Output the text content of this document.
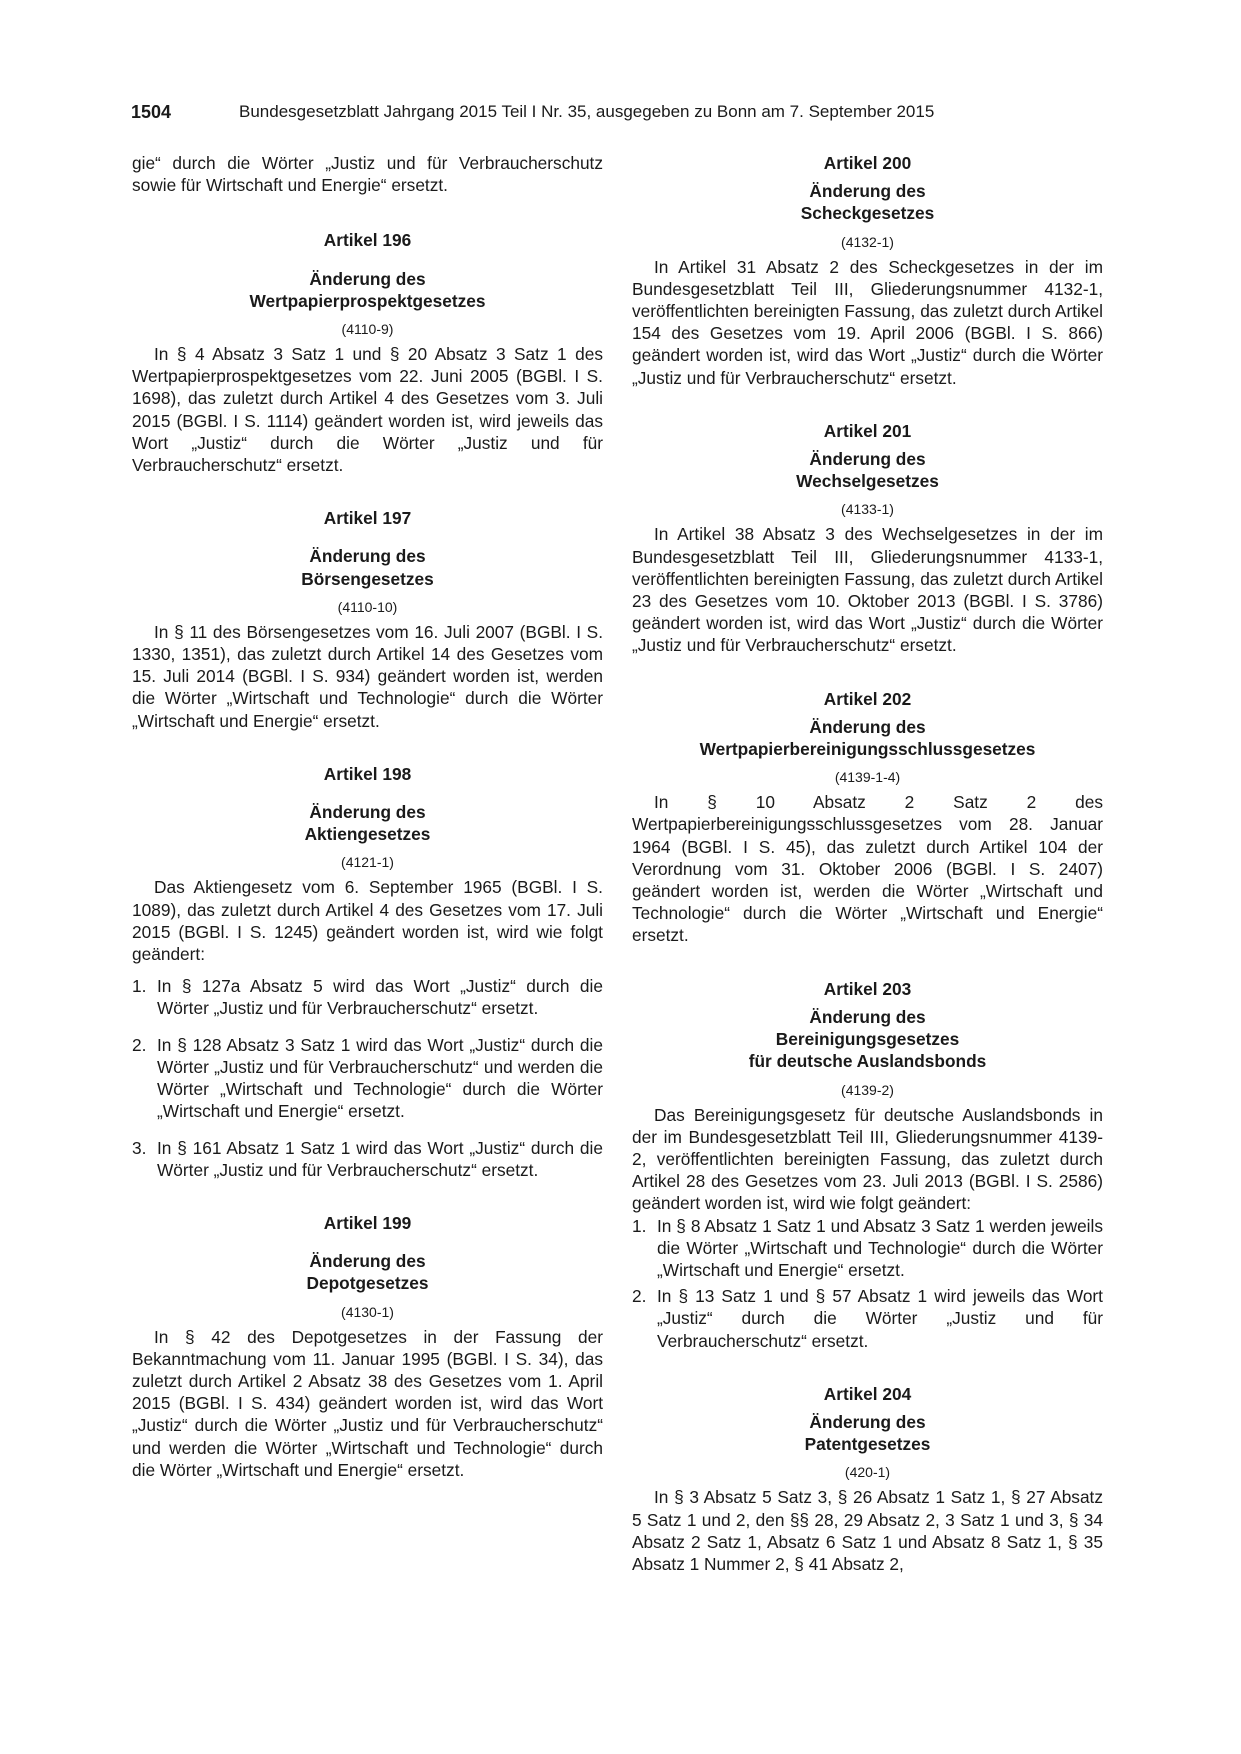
1504	Bundesgesetzblatt Jahrgang 2015 Teil I Nr. 35, ausgegeben zu Bonn am 7. September 2015
gie“ durch die Wörter „Justiz und für Verbraucherschutz sowie für Wirtschaft und Energie“ ersetzt.
Artikel 196
Änderung des
Wertpapierprospektgesetzes
(4110-9)
In § 4 Absatz 3 Satz 1 und § 20 Absatz 3 Satz 1 des Wertpapierprospektgesetzes vom 22. Juni 2005 (BGBl. I S. 1698), das zuletzt durch Artikel 4 des Gesetzes vom 3. Juli 2015 (BGBl. I S. 1114) geändert worden ist, wird jeweils das Wort „Justiz“ durch die Wörter „Justiz und für Verbraucherschutz“ ersetzt.
Artikel 197
Änderung des
Börsengesetzes
(4110-10)
In § 11 des Börsengesetzes vom 16. Juli 2007 (BGBl. I S. 1330, 1351), das zuletzt durch Artikel 14 des Gesetzes vom 15. Juli 2014 (BGBl. I S. 934) geändert worden ist, werden die Wörter „Wirtschaft und Technologie“ durch die Wörter „Wirtschaft und Energie“ ersetzt.
Artikel 198
Änderung des
Aktiengesetzes
(4121-1)
Das Aktiengesetz vom 6. September 1965 (BGBl. I S. 1089), das zuletzt durch Artikel 4 des Gesetzes vom 17. Juli 2015 (BGBl. I S. 1245) geändert worden ist, wird wie folgt geändert:
1. In § 127a Absatz 5 wird das Wort „Justiz“ durch die Wörter „Justiz und für Verbraucherschutz“ ersetzt.
2. In § 128 Absatz 3 Satz 1 wird das Wort „Justiz“ durch die Wörter „Justiz und für Verbraucherschutz“ und werden die Wörter „Wirtschaft und Technologie“ durch die Wörter „Wirtschaft und Energie“ ersetzt.
3. In § 161 Absatz 1 Satz 1 wird das Wort „Justiz“ durch die Wörter „Justiz und für Verbraucherschutz“ ersetzt.
Artikel 199
Änderung des
Depotgesetzes
(4130-1)
In § 42 des Depotgesetzes in der Fassung der Bekanntmachung vom 11. Januar 1995 (BGBl. I S. 34), das zuletzt durch Artikel 2 Absatz 38 des Gesetzes vom 1. April 2015 (BGBl. I S. 434) geändert worden ist, wird das Wort „Justiz“ durch die Wörter „Justiz und für Verbraucherschutz“ und werden die Wörter „Wirtschaft und Technologie“ durch die Wörter „Wirtschaft und Energie“ ersetzt.
Artikel 200
Änderung des
Scheckgesetzes
(4132-1)
In Artikel 31 Absatz 2 des Scheckgesetzes in der im Bundesgesetzblatt Teil III, Gliederungsnummer 4132-1, veröffentlichten bereinigten Fassung, das zuletzt durch Artikel 154 des Gesetzes vom 19. April 2006 (BGBl. I S. 866) geändert worden ist, wird das Wort „Justiz“ durch die Wörter „Justiz und für Verbraucherschutz“ ersetzt.
Artikel 201
Änderung des
Wechselgesetzes
(4133-1)
In Artikel 38 Absatz 3 des Wechselgesetzes in der im Bundesgesetzblatt Teil III, Gliederungsnummer 4133-1, veröffentlichten bereinigten Fassung, das zuletzt durch Artikel 23 des Gesetzes vom 10. Oktober 2013 (BGBl. I S. 3786) geändert worden ist, wird das Wort „Justiz“ durch die Wörter „Justiz und für Verbraucherschutz“ ersetzt.
Artikel 202
Änderung des
Wertpapierbereinigungsschlussgesetzes
(4139-1-4)
In § 10 Absatz 2 Satz 2 des Wertpapierbereinigungsschlussgesetzes vom 28. Januar 1964 (BGBl. I S. 45), das zuletzt durch Artikel 104 der Verordnung vom 31. Oktober 2006 (BGBl. I S. 2407) geändert worden ist, werden die Wörter „Wirtschaft und Technologie“ durch die Wörter „Wirtschaft und Energie“ ersetzt.
Artikel 203
Änderung des
Bereinigungsgesetzes
für deutsche Auslandsbonds
(4139-2)
Das Bereinigungsgesetz für deutsche Auslandsbonds in der im Bundesgesetzblatt Teil III, Gliederungsnummer 4139-2, veröffentlichten bereinigten Fassung, das zuletzt durch Artikel 28 des Gesetzes vom 23. Juli 2013 (BGBl. I S. 2586) geändert worden ist, wird wie folgt geändert:
1. In § 8 Absatz 1 Satz 1 und Absatz 3 Satz 1 werden jeweils die Wörter „Wirtschaft und Technologie“ durch die Wörter „Wirtschaft und Energie“ ersetzt.
2. In § 13 Satz 1 und § 57 Absatz 1 wird jeweils das Wort „Justiz“ durch die Wörter „Justiz und für Verbraucherschutz“ ersetzt.
Artikel 204
Änderung des
Patentgesetzes
(420-1)
In § 3 Absatz 5 Satz 3, § 26 Absatz 1 Satz 1, § 27 Absatz 5 Satz 1 und 2, den §§ 28, 29 Absatz 2, 3 Satz 1 und 3, § 34 Absatz 2 Satz 1, Absatz 6 Satz 1 und Absatz 8 Satz 1, § 35 Absatz 1 Nummer 2, § 41 Absatz 2,
